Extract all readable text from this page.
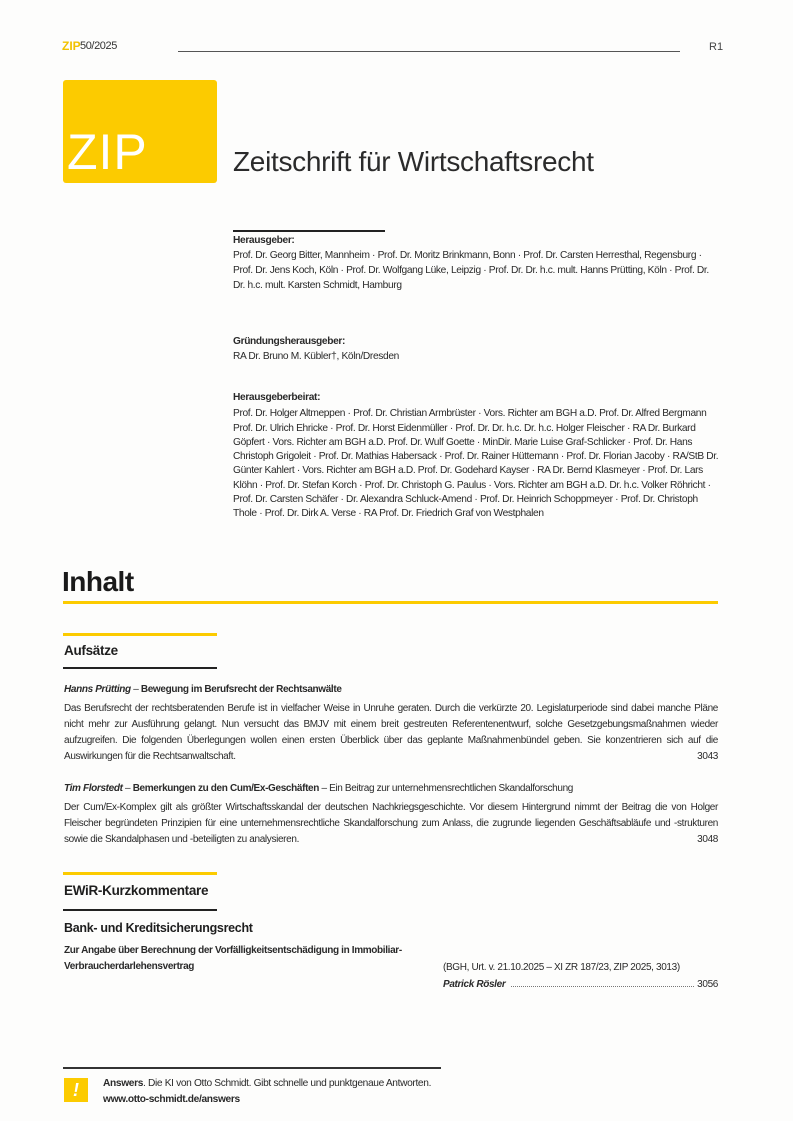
ZIP 50/2025	R1
ZIP	Zeitschrift für Wirtschaftsrecht
Herausgeber:

Prof. Dr. Georg Bitter, Mannheim · Prof. Dr. Moritz Brinkmann, Bonn · Prof. Dr. Carsten Herresthal, Regensburg · Prof. Dr. Jens Koch, Köln · Prof. Dr. Wolfgang Lüke, Leipzig · Prof. Dr. Dr. h.c. mult. Hanns Prütting, Köln · Prof. Dr. Dr. h.c. mult. Karsten Schmidt, Hamburg

Gründungsherausgeber:

RA Dr. Bruno M. Kübler†, Köln/Dresden

Herausgeberbeirat:

Prof. Dr. Holger Altmeppen · Prof. Dr. Christian Armbrüster · Vors. Richter am BGH a.D. Prof. Dr. Alfred Bergmann Prof. Dr. Ulrich Ehricke · Prof. Dr. Horst Eidenmüller · Prof. Dr. Dr. h.c. Dr. h.c. Holger Fleischer · RA Dr. Burkard Göpfert · Vors. Richter am BGH a.D. Prof. Dr. Wulf Goette · MinDir. Marie Luise Graf-Schlicker · Prof. Dr. Hans Christoph Grigoleit · Prof. Dr. Mathias Habersack · Prof. Dr. Rainer Hüttemann · Prof. Dr. Florian Jacoby · RA/StB Dr. Günter Kahlert · Vors. Richter am BGH a.D. Prof. Dr. Godehard Kayser · RA Dr. Bernd Klasmeyer · Prof. Dr. Lars Klöhn · Prof. Dr. Stefan Korch · Prof. Dr. Christoph G. Paulus · Vors. Richter am BGH a.D. Dr. h.c. Volker Röhricht · Prof. Dr. Carsten Schäfer · Dr. Alexandra Schluck-Amend · Prof. Dr. Heinrich Schoppmeyer · Prof. Dr. Christoph Thole · Prof. Dr. Dirk A. Verse · RA Prof. Dr. Friedrich Graf von Westphalen

Inhalt
Aufsätze
Hanns Prütting – Bewegung im Berufsrecht der Rechtsanwälte

Das Berufsrecht der rechtsberatenden Berufe ist in vielfacher Weise in Unruhe geraten. Durch die verkürzte 20. Legislaturperiode sind dabei manche Pläne nicht mehr zur Ausführung gelangt. Nun versucht das BMJV mit einem breit gestreuten Referentenentwurf, solche Gesetzgebungsmaßnahmen wieder aufzugreifen. Die folgenden Überlegungen wollen einen ersten Überblick über das geplante Maßnahmenbündel geben. Sie konzentrieren sich auf die Auswirkungen für die Rechtsanwaltschaft.	3043
Tim Florstedt – Bemerkungen zu den Cum/Ex-Geschäften – Ein Beitrag zur unternehmensrechtlichen Skandalforschung

Der Cum/Ex-Komplex gilt als größter Wirtschaftsskandal der deutschen Nachkriegsgeschichte. Vor diesem Hintergrund nimmt der Beitrag die von Holger Fleischer begründeten Prinzipien für eine unternehmensrechtliche Skandalforschung zum Anlass, die zugrunde liegenden Geschäftsabläufe und -strukturen sowie die Skandalphasen und -beteiligten zu analysieren.	3048
EWiR-Kurzkommentare
Bank- und Kreditsicherungsrecht
Zur Angabe über Berechnung der Vorfälligkeitsentschädigung in Immobiliar-Verbraucherdarlehensvertrag	(BGH, Urt. v. 21.10.2025 – XI ZR 187/23, ZIP 2025, 3013)
Patrick Rösler	3056
!	Answers. Die KI von Otto Schmidt. Gibt schnelle und punktgenaue Antworten.
www.otto-schmidt.de/answers
